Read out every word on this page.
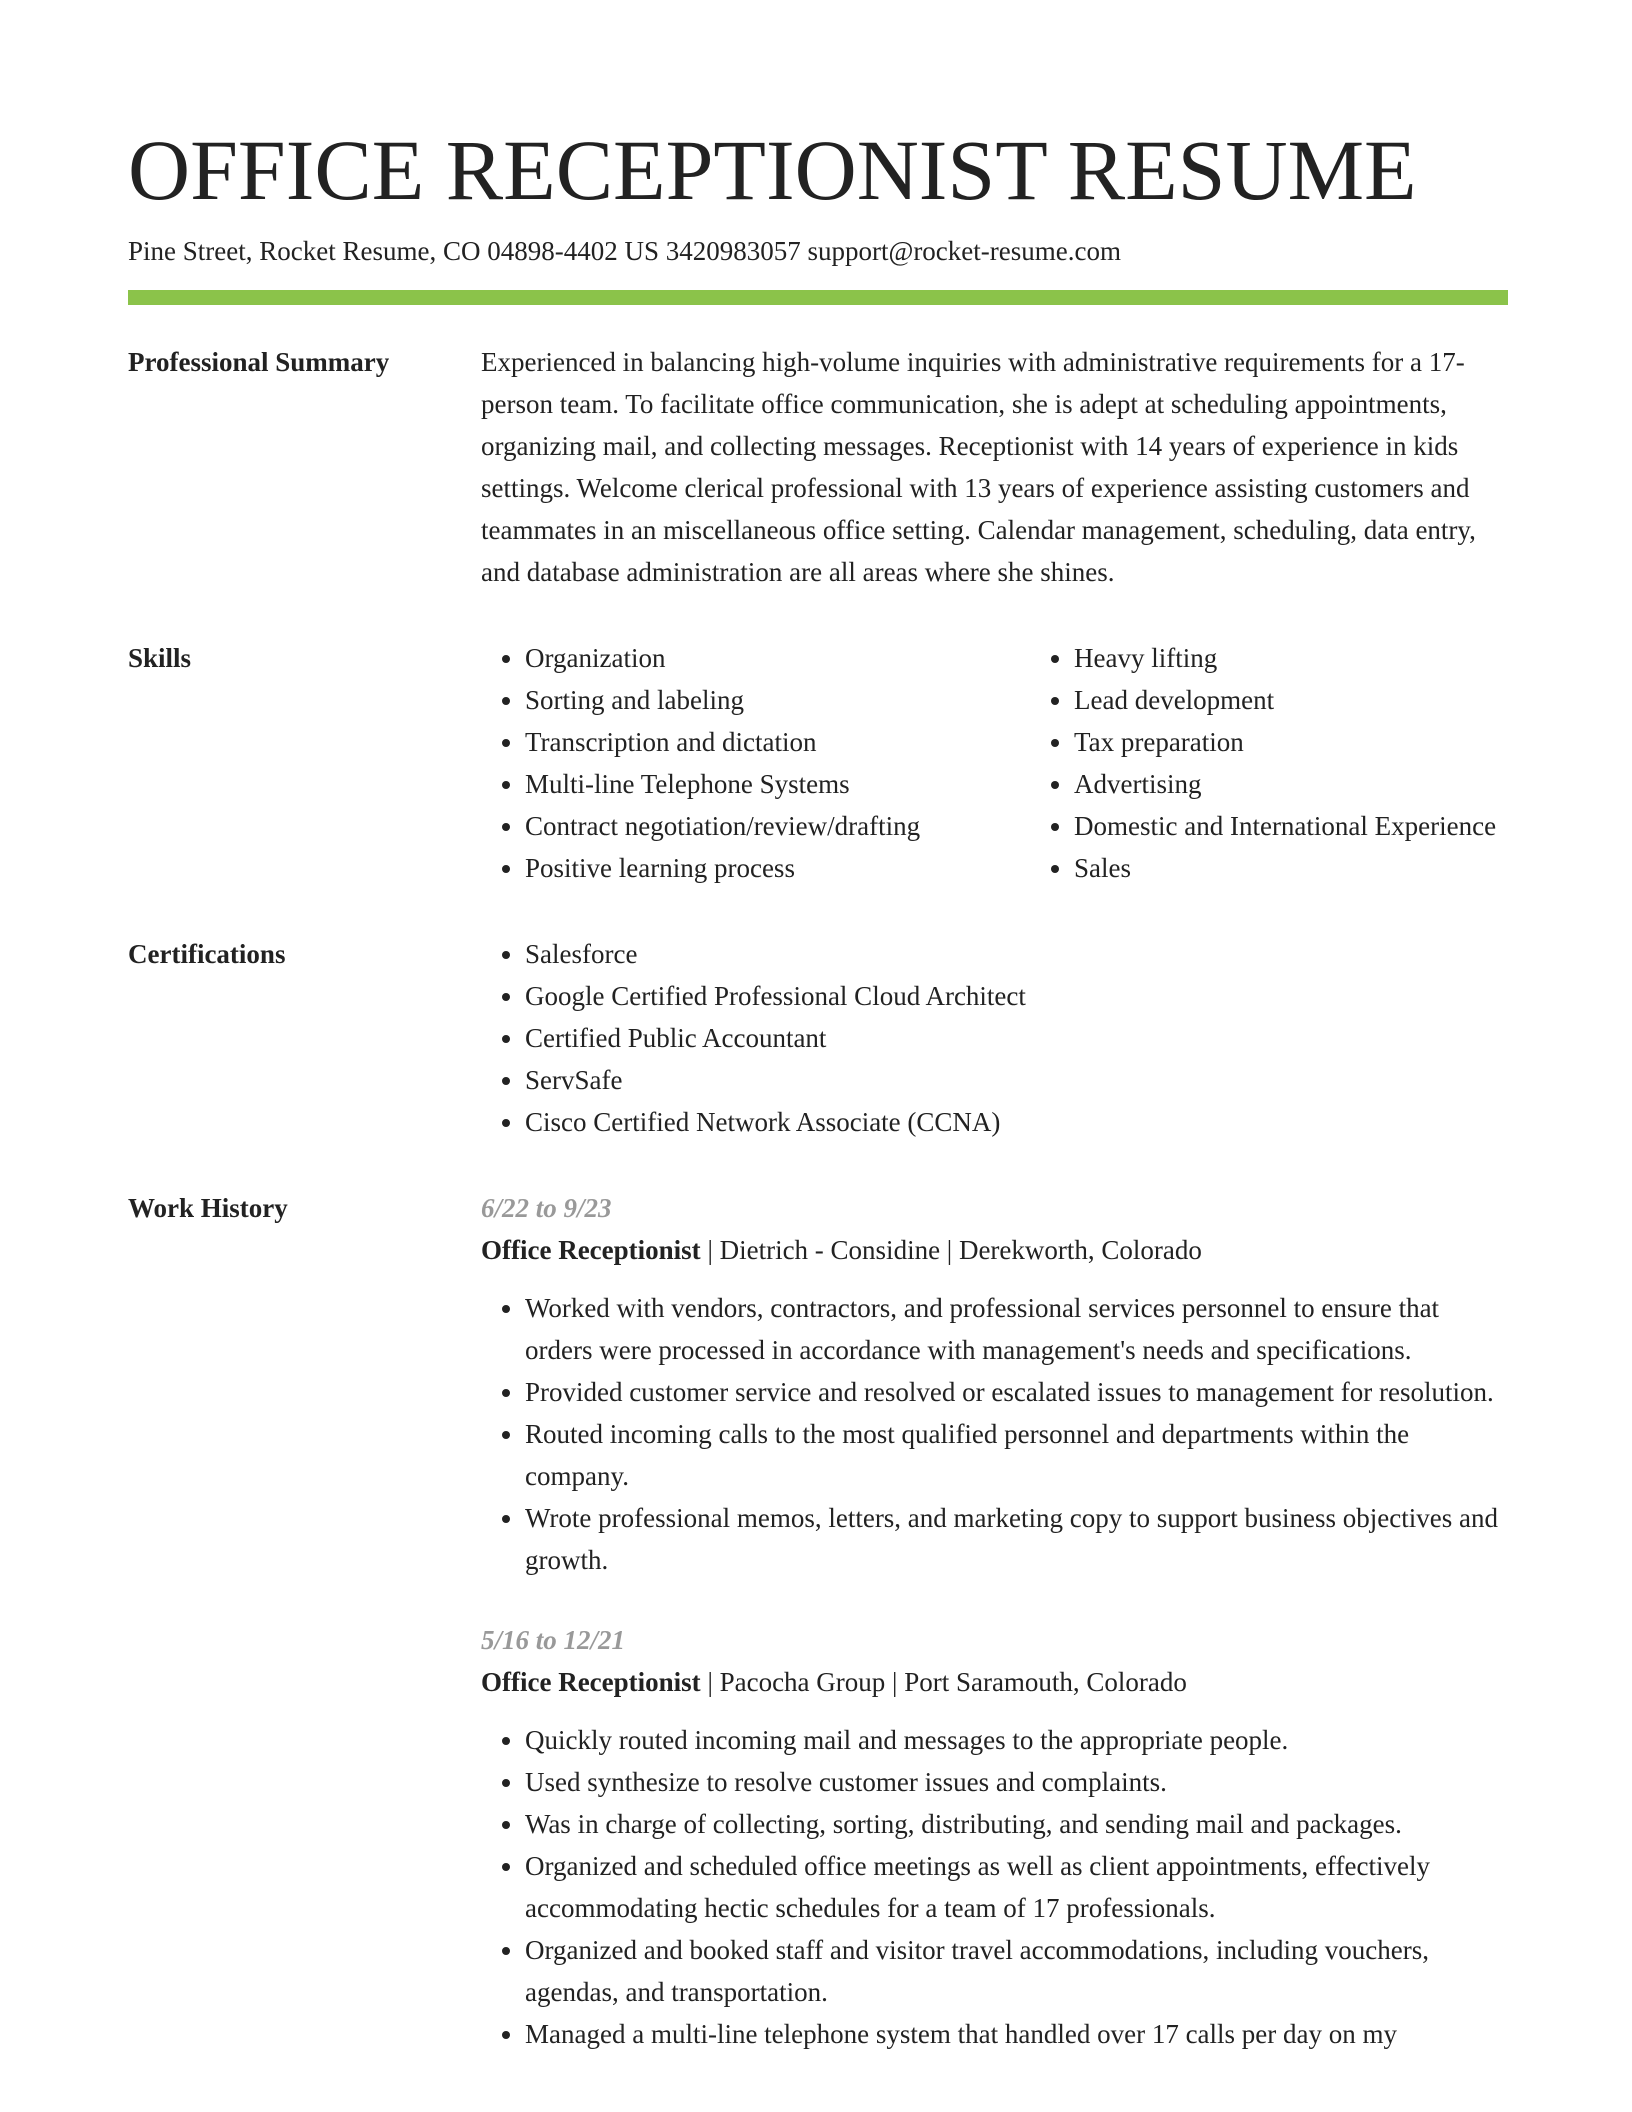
OFFICE RECEPTIONIST RESUME
Pine Street, Rocket Resume, CO 04898-4402 US 3420983057 support@rocket-resume.com
Professional Summary	Experienced in balancing high-volume inquiries with administrative requirements for a 17-person team. To facilitate office communication, she is adept at scheduling appointments, organizing mail, and collecting messages. Receptionist with 14 years of experience in kids settings. Welcome clerical professional with 13 years of experience assisting customers and teammates in an miscellaneous office setting. Calendar management, scheduling, data entry, and database administration are all areas where she shines.

Skills	• Organization
• Sorting and labeling
• Transcription and dictation
• Multi-line Telephone Systems
• Contract negotiation/review/drafting
• Positive learning process
• Heavy lifting
• Lead development
• Tax preparation
• Advertising
• Domestic and International Experience
• Sales
Certifications	• Salesforce
• Google Certified Professional Cloud Architect
• Certified Public Accountant
• ServSafe
• Cisco Certified Network Associate (CCNA)
Work History	6/22 to 9/23
Office Receptionist | Dietrich - Considine | Derekworth, Colorado
• Worked with vendors, contractors, and professional services personnel to ensure that orders were processed in accordance with management's needs and specifications.
• Provided customer service and resolved or escalated issues to management for resolution.
• Routed incoming calls to the most qualified personnel and departments within the company.
• Wrote professional memos, letters, and marketing copy to support business objectives and growth.
5/16 to 12/21
Office Receptionist | Pacocha Group | Port Saramouth, Colorado
• Quickly routed incoming mail and messages to the appropriate people.
• Used synthesize to resolve customer issues and complaints.
• Was in charge of collecting, sorting, distributing, and sending mail and packages.
• Organized and scheduled office meetings as well as client appointments, effectively accommodating hectic schedules for a team of 17 professionals.
• Organized and booked staff and visitor travel accommodations, including vouchers, agendas, and transportation.
• Managed a multi-line telephone system that handled over 17 calls per day on my
